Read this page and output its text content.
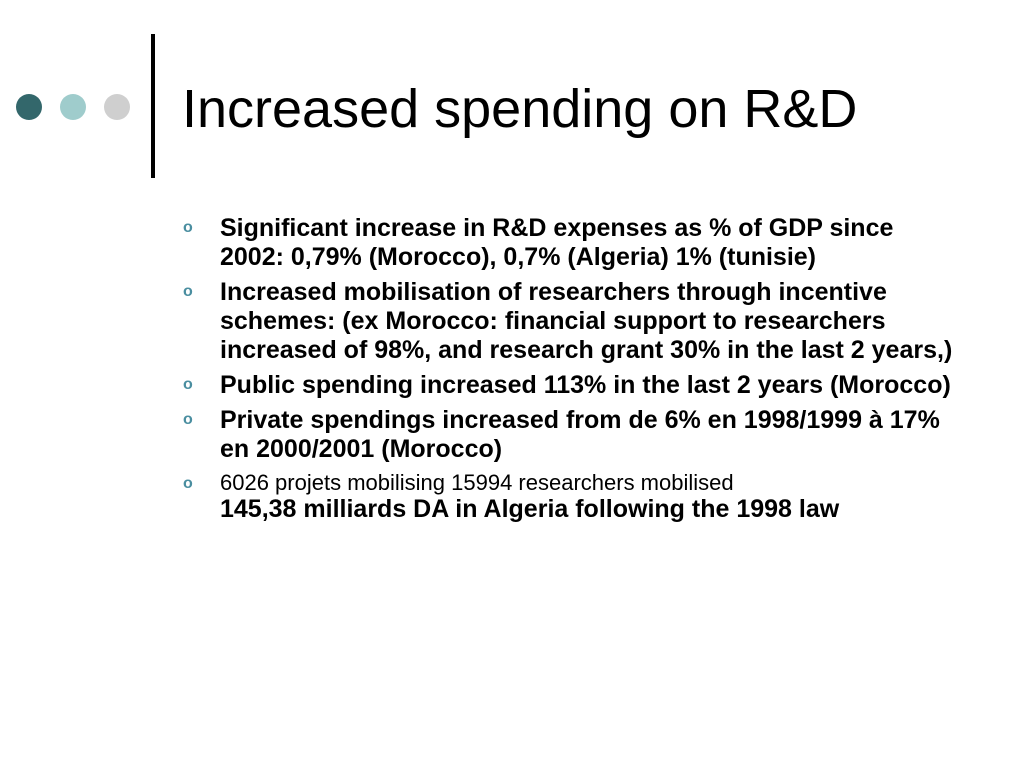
Increased spending on R&D
o Significant increase in R&D expenses as % of GDP since 2002: 0,79% (Morocco), 0,7% (Algeria) 1% (tunisie)
o Increased mobilisation of researchers through incentive schemes: (ex Morocco: financial support to researchers increased of 98%, and research grant 30% in the last 2 years,)
o Public spending increased 113% in the last 2 years (Morocco)
o Private spendings increased from de 6% en 1998/1999 à 17% en 2000/2001 (Morocco)
o 6026 projets mobilising 15994 researchers mobilised
145,38 milliards DA in Algeria following the 1998 law
